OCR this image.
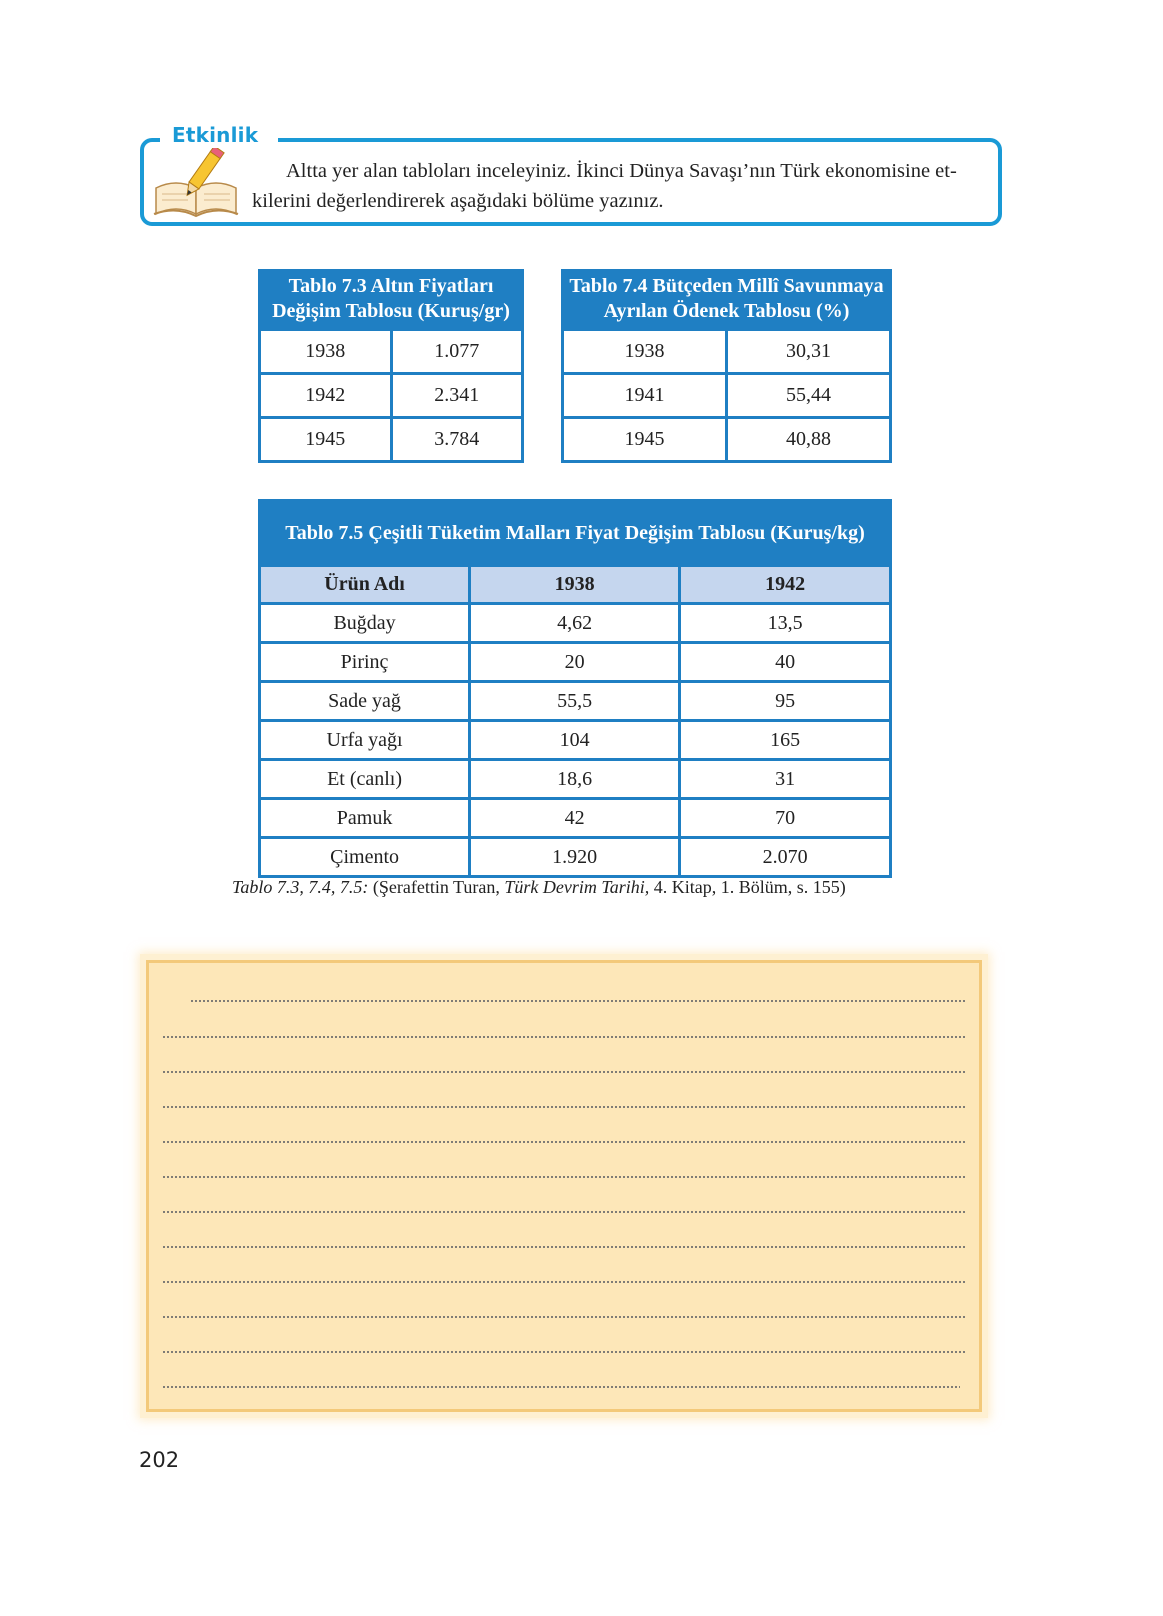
Etkinlik
Altta yer alan tabloları inceleyiniz. İkinci Dünya Savaşı’nın Türk ekonomisine et-
kilerini değerlendirerek aşağıdaki bölüme yazınız.
Tablo 7.3 Altın Fiyatları
Değişim Tablosu (Kuruş/gr)	
1938	1.077
1942	2.341
1945	3.784
Tablo 7.4 Bütçeden Millî Savunmaya
Ayrılan Ödenek Tablosu (%)	
1938	30,31
1941	55,44
1945	40,88
Tablo 7.5 Çeşitli Tüketim Malları Fiyat Değişim Tablosu (Kuruş/kg)		
Ürün Adı	1938	1942
Buğday	4,62	13,5
Pirinç	20	40
Sade yağ	55,5	95
Urfa yağı	104	165
Et (canlı)	18,6	31
Pamuk	42	70
Çimento	1.920	2.070
Tablo 7.3, 7.4, 7.5: (Şerafettin Turan, Türk Devrim Tarihi, 4. Kitap, 1. Bölüm, s. 155)
202
